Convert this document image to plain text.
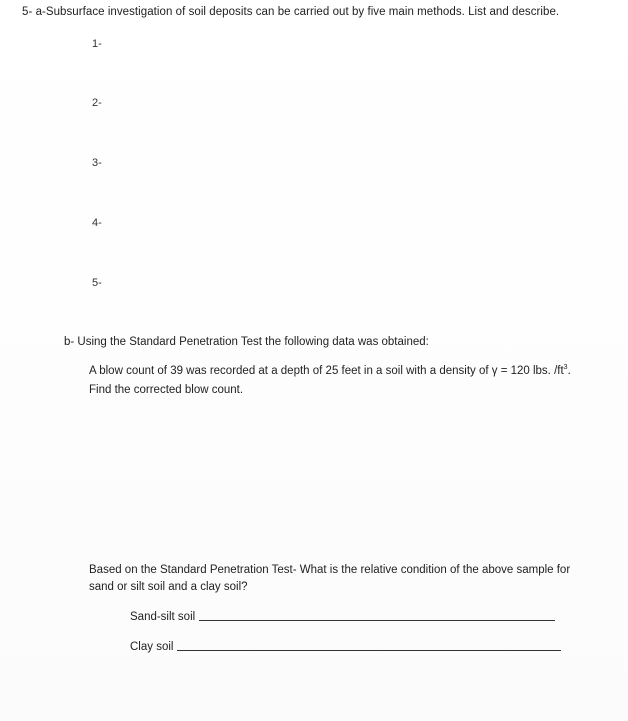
5- a-Subsurface investigation of soil deposits can be carried out by five main methods. List and describe.
1-
2-
3-
4-
5-
b- Using the Standard Penetration Test the following data was obtained:
A blow count of 39 was recorded at a depth of 25 feet in a soil with a density of γ = 120 lbs. $/ft^3$.
Find the corrected blow count.
Based on the Standard Penetration Test- What is the relative condition of the above sample for
sand or silt soil and a clay soil?
Sand-silt soil
Clay soil
